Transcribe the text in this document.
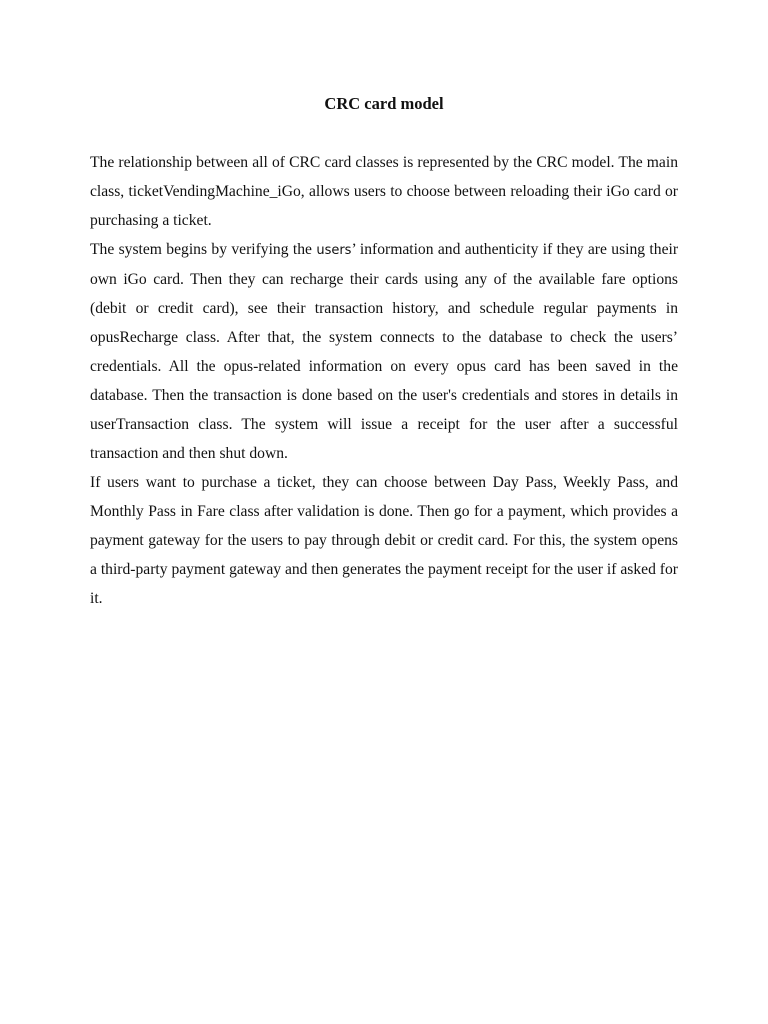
CRC card model

The relationship between all of CRC card classes is represented by the CRC model. The main class, ticketVendingMachine_iGo, allows users to choose between reloading their iGo card or purchasing a ticket.

The system begins by verifying the users’ information and authenticity if they are using their own iGo card. Then they can recharge their cards using any of the available fare options (debit or credit card), see their transaction history, and schedule regular payments in opusRecharge class. After that, the system connects to the database to check the users’ credentials. All the opus-related information on every opus card has been saved in the database. Then the transaction is done based on the user's credentials and stores in details in userTransaction class. The system will issue a receipt for the user after a successful transaction and then shut down.

If users want to purchase a ticket, they can choose between Day Pass, Weekly Pass, and Monthly Pass in Fare class after validation is done. Then go for a payment, which provides a payment gateway for the users to pay through debit or credit card. For this, the system opens a third-party payment gateway and then generates the payment receipt for the user if asked for it.
